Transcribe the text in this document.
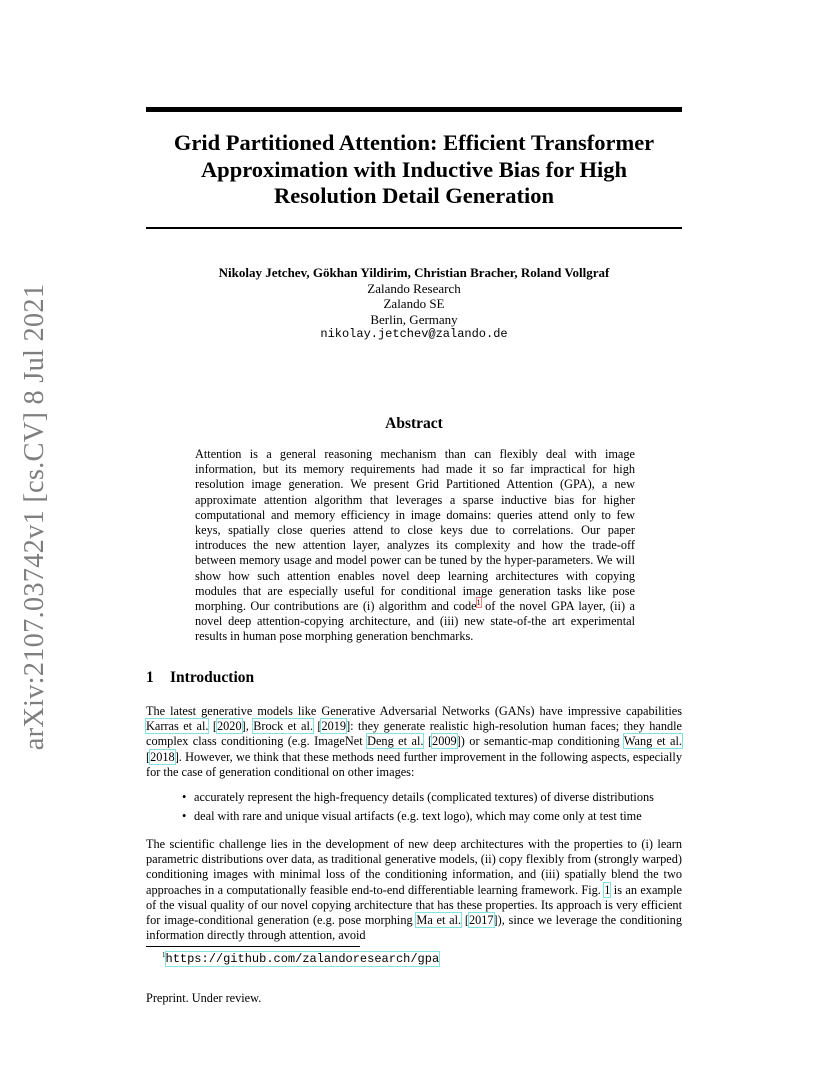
arXiv:2107.03742v1 [cs.CV] 8 Jul 2021
Grid Partitioned Attention: Efficient Transformer
Approximation with Inductive Bias for High
Resolution Detail Generation
Nikolay Jetchev, Gökhan Yildirim, Christian Bracher, Roland Vollgraf
Zalando Research
Zalando SE
Berlin, Germany
nikolay.jetchev@zalando.de
Abstract
Attention is a general reasoning mechanism than can flexibly deal with image information, but its memory requirements had made it so far impractical for high resolution image generation. We present Grid Partitioned Attention (GPA), a new approximate attention algorithm that leverages a sparse inductive bias for higher computational and memory efficiency in image domains: queries attend only to few keys, spatially close queries attend to close keys due to correlations. Our paper introduces the new attention layer, analyzes its complexity and how the trade-off between memory usage and model power can be tuned by the hyper-parameters. We will show how such attention enables novel deep learning architectures with copying modules that are especially useful for conditional image generation tasks like pose morphing. Our contributions are (i) algorithm and code$^1$ of the novel GPA layer, (ii) a novel deep attention-copying architecture, and (iii) new state-of-the art experimental results in human pose morphing generation benchmarks.
1 Introduction
The latest generative models like Generative Adversarial Networks (GANs) have impressive capabilities Karras et al. [2020], Brock et al. [2019]: they generate realistic high-resolution human faces; they handle complex class conditioning (e.g. ImageNet Deng et al. [2009]) or semantic-map conditioning Wang et al. [2018]. However, we think that these methods need further improvement in the following aspects, especially for the case of generation conditional on other images:
• accurately represent the high-frequency details (complicated textures) of diverse distributions
• deal with rare and unique visual artifacts (e.g. text logo), which may come only at test time
The scientific challenge lies in the development of new deep architectures with the properties to (i) learn parametric distributions over data, as traditional generative models, (ii) copy flexibly from (strongly warped) conditioning images with minimal loss of the conditioning information, and (iii) spatially blend the two approaches in a computationally feasible end-to-end differentiable learning framework. Fig. 1 is an example of the visual quality of our novel copying architecture that has these properties. Its approach is very efficient for image-conditional generation (e.g. pose morphing Ma et al. [2017]), since we leverage the conditioning information directly through attention, avoid
$^1$https://github.com/zalandoresearch/gpa
Preprint. Under review.
